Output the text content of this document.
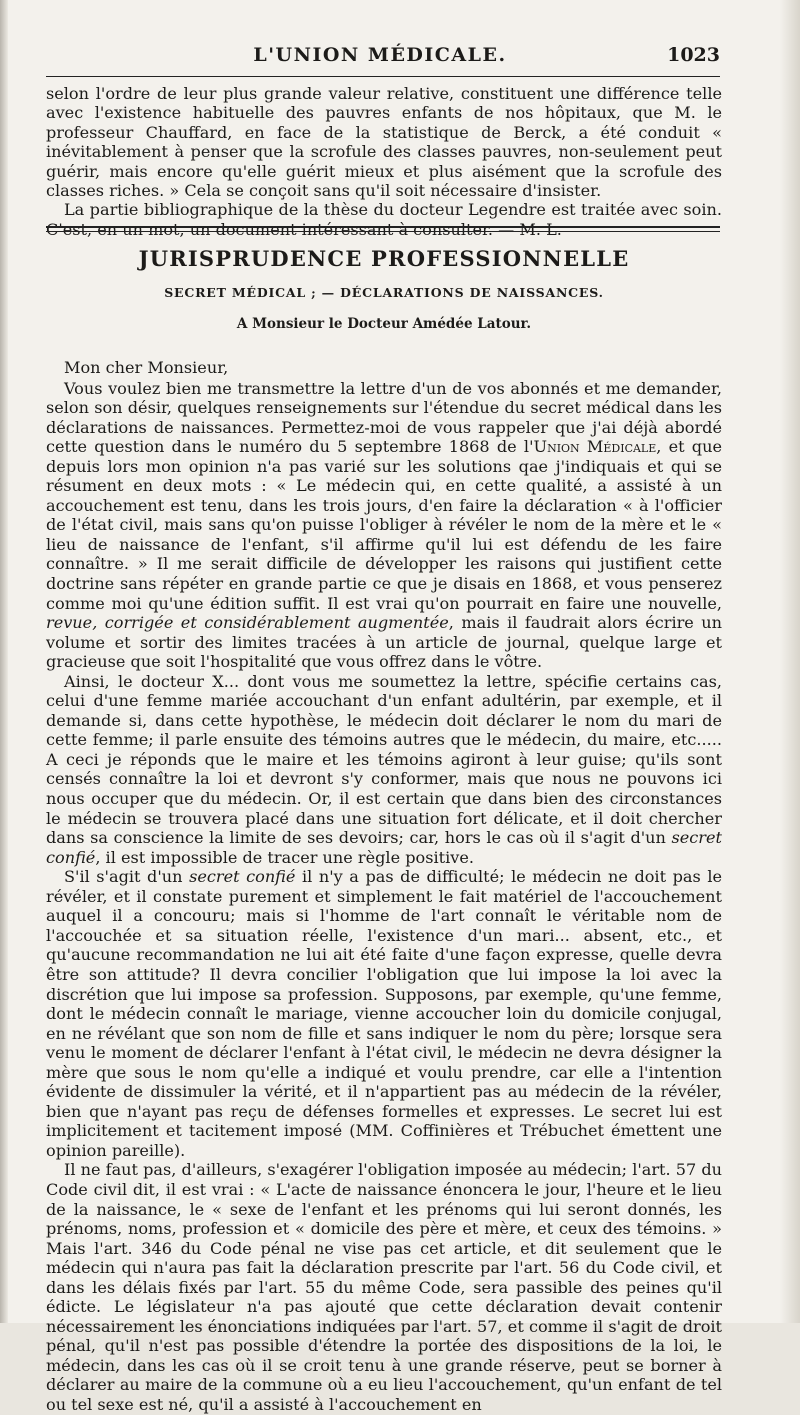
L'UNION MÉDICALE.	1023

selon l'ordre de leur plus grande valeur relative, constituent une différence telle avec l'existence habituelle des pauvres enfants de nos hôpitaux, que M. le professeur Chauffard, en face de la statistique de Berck, a été conduit « inévitablement à penser que la scrofule des classes pauvres, non-seulement peut guérir, mais encore qu'elle guérit mieux et plus aisément que la scrofule des classes riches. » Cela se conçoit sans qu'il soit nécessaire d'insister.

La partie bibliographique de la thèse du docteur Legendre est traitée avec soin. C'est, en un mot, un document intéressant à consulter. — M. L.

JURISPRUDENCE PROFESSIONNELLE
SECRET MÉDICAL ; — DÉCLARATIONS DE NAISSANCES.
A Monsieur le Docteur Amédée Latour.

Mon cher Monsieur,

Vous voulez bien me transmettre la lettre d'un de vos abonnés et me demander, selon son désir, quelques renseignements sur l'étendue du secret médical dans les déclarations de naissances. Permettez-moi de vous rappeler que j'ai déjà abordé cette question dans le numéro du 5 septembre 1868 de l'Union Médicale, et que depuis lors mon opinion n'a pas varié sur les solutions qae j'indiquais et qui se résument en deux mots : « Le médecin qui, en cette qualité, a assisté à un accouchement est tenu, dans les trois jours, d'en faire la déclaration « à l'officier de l'état civil, mais sans qu'on puisse l'obliger à révéler le nom de la mère et le « lieu de naissance de l'enfant, s'il affirme qu'il lui est défendu de les faire connaître. » Il me serait difficile de développer les raisons qui justifient cette doctrine sans répéter en grande partie ce que je disais en 1868, et vous penserez comme moi qu'une édition suffit. Il est vrai qu'on pourrait en faire une nouvelle, revue, corrigée et considérablement augmentée, mais il faudrait alors écrire un volume et sortir des limites tracées à un article de journal, quelque large et gracieuse que soit l'hospitalité que vous offrez dans le vôtre.

Ainsi, le docteur X... dont vous me soumettez la lettre, spécifie certains cas, celui d'une femme mariée accouchant d'un enfant adultérin, par exemple, et il demande si, dans cette hypothèse, le médecin doit déclarer le nom du mari de cette femme; il parle ensuite des témoins autres que le médecin, du maire, etc..... A ceci je réponds que le maire et les témoins agiront à leur guise; qu'ils sont censés connaître la loi et devront s'y conformer, mais que nous ne pouvons ici nous occuper que du médecin. Or, il est certain que dans bien des circonstances le médecin se trouvera placé dans une situation fort délicate, et il doit chercher dans sa conscience la limite de ses devoirs; car, hors le cas où il s'agit d'un secret confié, il est impossible de tracer une règle positive.

S'il s'agit d'un secret confié il n'y a pas de difficulté; le médecin ne doit pas le révéler, et il constate purement et simplement le fait matériel de l'accouchement auquel il a concouru; mais si l'homme de l'art connaît le véritable nom de l'accouchée et sa situation réelle, l'existence d'un mari... absent, etc., et qu'aucune recommandation ne lui ait été faite d'une façon expresse, quelle devra être son attitude? Il devra concilier l'obligation que lui impose la loi avec la discrétion que lui impose sa profession. Supposons, par exemple, qu'une femme, dont le médecin connaît le mariage, vienne accoucher loin du domicile conjugal, en ne révélant que son nom de fille et sans indiquer le nom du père; lorsque sera venu le moment de déclarer l'enfant à l'état civil, le médecin ne devra désigner la mère que sous le nom qu'elle a indiqué et voulu prendre, car elle a l'intention évidente de dissimuler la vérité, et il n'appartient pas au médecin de la révéler, bien que n'ayant pas reçu de défenses formelles et expresses. Le secret lui est implicitement et tacitement imposé (MM. Coffinières et Trébuchet émettent une opinion pareille).

Il ne faut pas, d'ailleurs, s'exagérer l'obligation imposée au médecin; l'art. 57 du Code civil dit, il est vrai : « L'acte de naissance énoncera le jour, l'heure et le lieu de la naissance, le « sexe de l'enfant et les prénoms qui lui seront donnés, les prénoms, noms, profession et « domicile des père et mère, et ceux des témoins. » Mais l'art. 346 du Code pénal ne vise pas cet article, et dit seulement que le médecin qui n'aura pas fait la déclaration prescrite par l'art. 56 du Code civil, et dans les délais fixés par l'art. 55 du même Code, sera passible des peines qu'il édicte. Le législateur n'a pas ajouté que cette déclaration devait contenir nécessairement les énonciations indiquées par l'art. 57, et comme il s'agit de droit pénal, qu'il n'est pas possible d'étendre la portée des dispositions de la loi, le médecin, dans les cas où il se croit tenu à une grande réserve, peut se borner à déclarer au maire de la commune où a eu lieu l'accouchement, qu'un enfant de tel ou tel sexe est né, qu'il a assisté à l'accouchement en
